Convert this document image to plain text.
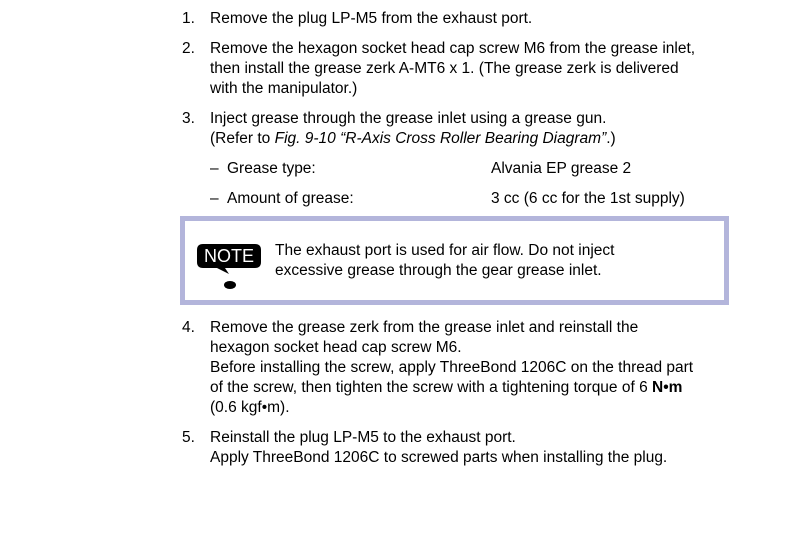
1. Remove the plug LP-M5 from the exhaust port.

2. Remove the hexagon socket head cap screw M6 from the grease inlet,

then install the grease zerk A-MT6 x 1. (The grease zerk is delivered

with the manipulator.)

3. Inject grease through the grease inlet using a grease gun.

(Refer to Fig. 9-10 “R-Axis Cross Roller Bearing Diagram”.)

– Grease type:	Alvania EP grease 2
– Amount of grease:	3 cc (6 cc for the 1st supply)
NOTE The exhaust port is used for air flow. Do not inject

excessive grease through the gear grease inlet.

4. Remove the grease zerk from the grease inlet and reinstall the

hexagon socket head cap screw M6.

Before installing the screw, apply ThreeBond 1206C on the thread part

of the screw, then tighten the screw with a tightening torque of 6 N•m

(0.6 kgf•m).

5. Reinstall the plug LP-M5 to the exhaust port.

Apply ThreeBond 1206C to screwed parts when installing the plug.
